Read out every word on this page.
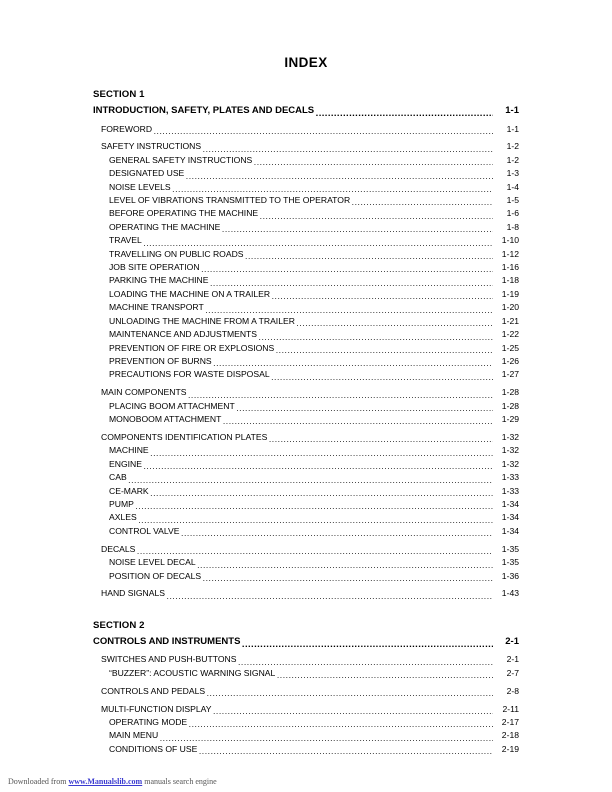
INDEX
SECTION 1
INTRODUCTION, SAFETY, PLATES AND DECALS .....	1-1
FOREWORD .....	1-1
SAFETY INSTRUCTIONS .....	1-2
GENERAL SAFETY INSTRUCTIONS .....	1-2
DESIGNATED USE .....	1-3
NOISE LEVELS .....	1-4
LEVEL OF VIBRATIONS TRANSMITTED TO THE OPERATOR .....	1-5
BEFORE OPERATING THE MACHINE .....	1-6
OPERATING THE MACHINE .....	1-8
TRAVEL .....	1-10
TRAVELLING ON PUBLIC ROADS .....	1-12
JOB SITE OPERATION .....	1-16
PARKING THE MACHINE .....	1-18
LOADING THE MACHINE ON A TRAILER .....	1-19
MACHINE TRANSPORT .....	1-20
UNLOADING THE MACHINE FROM A TRAILER .....	1-21
MAINTENANCE AND ADJUSTMENTS .....	1-22
PREVENTION OF FIRE OR EXPLOSIONS .....	1-25
PREVENTION OF BURNS .....	1-26
PRECAUTIONS FOR WASTE DISPOSAL .....	1-27
MAIN COMPONENTS .....	1-28
PLACING BOOM ATTACHMENT .....	1-28
MONOBOOM ATTACHMENT .....	1-29
COMPONENTS IDENTIFICATION PLATES .....	1-32
MACHINE .....	1-32
ENGINE .....	1-32
CAB .....	1-33
CE-MARK .....	1-33
PUMP .....	1-34
AXLES .....	1-34
CONTROL VALVE .....	1-34
DECALS .....	1-35
NOISE LEVEL DECAL .....	1-35
POSITION OF DECALS .....	1-36
HAND SIGNALS .....	1-43
SECTION 2
CONTROLS AND INSTRUMENTS .....	2-1
SWITCHES AND PUSH-BUTTONS .....	2-1
“BUZZER”: ACOUSTIC WARNING SIGNAL .....	2-7
CONTROLS AND PEDALS .....	2-8
MULTI-FUNCTION DISPLAY .....	2-11
OPERATING MODE .....	2-17
MAIN MENU .....	2-18
CONDITIONS OF USE .....	2-19
Downloaded from www.Manualslib.com manuals search engine
